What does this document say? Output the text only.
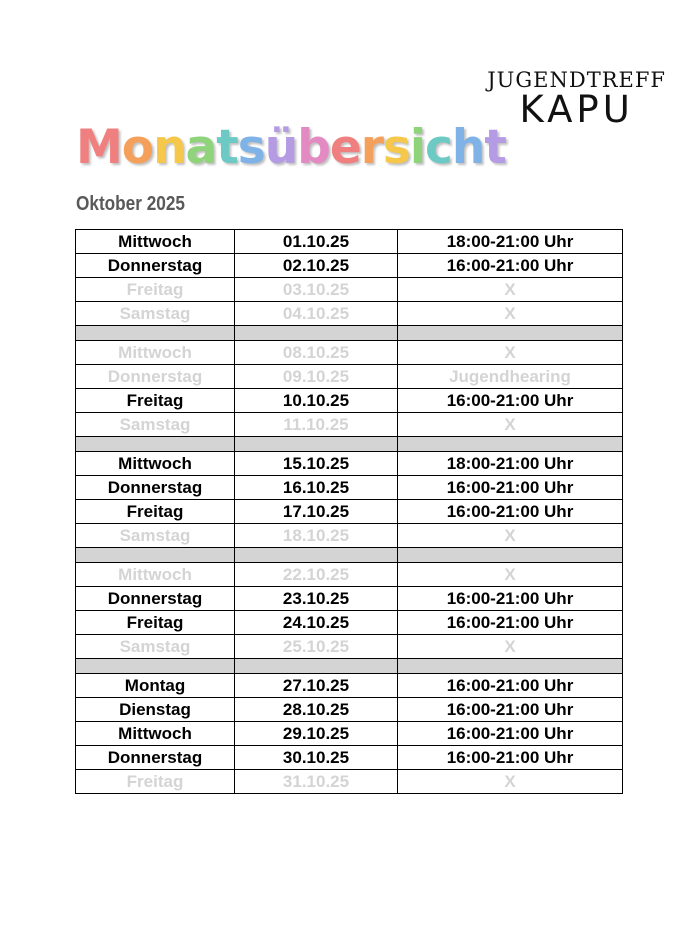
JUGENDTREFF
KAPU
Monatsübersicht
Oktober 2025
Mittwoch	01.10.25	18:00-21:00 Uhr
Donnerstag	02.10.25	16:00-21:00 Uhr
Freitag	03.10.25	X
Samstag	04.10.25	X

Mittwoch	08.10.25	X
Donnerstag	09.10.25	Jugendhearing
Freitag	10.10.25	16:00-21:00 Uhr
Samstag	11.10.25	X

Mittwoch	15.10.25	18:00-21:00 Uhr
Donnerstag	16.10.25	16:00-21:00 Uhr
Freitag	17.10.25	16:00-21:00 Uhr
Samstag	18.10.25	X

Mittwoch	22.10.25	X
Donnerstag	23.10.25	16:00-21:00 Uhr
Freitag	24.10.25	16:00-21:00 Uhr
Samstag	25.10.25	X

Montag	27.10.25	16:00-21:00 Uhr
Dienstag	28.10.25	16:00-21:00 Uhr
Mittwoch	29.10.25	16:00-21:00 Uhr
Donnerstag	30.10.25	16:00-21:00 Uhr
Freitag	31.10.25	X
